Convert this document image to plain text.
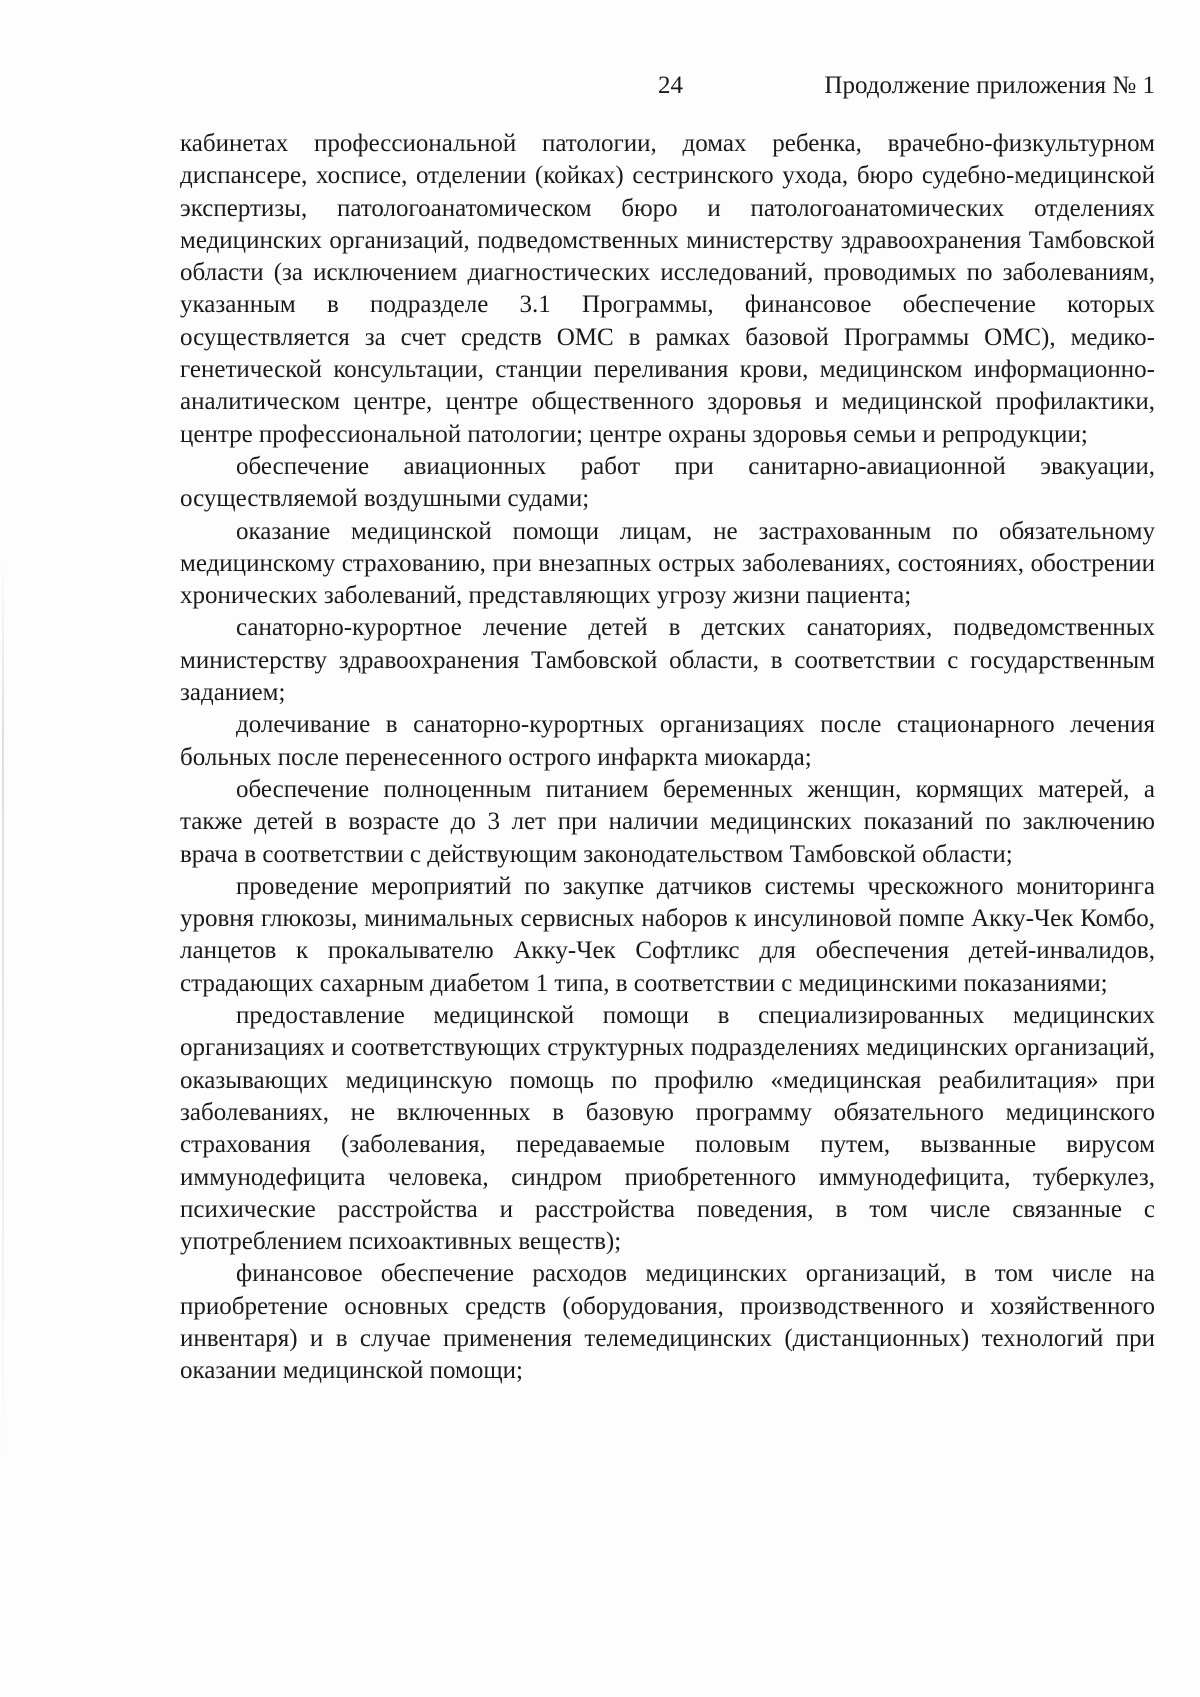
24	Продолжение приложения № 1

кабинетах профессиональной патологии, домах ребенка, врачебно-физкультурном диспансере, хосписе, отделении (койках) сестринского ухода, бюро судебно-медицинской экспертизы, патологоанатомическом бюро и патологоанатомических отделениях медицинских организаций, подведомственных министерству здравоохранения Тамбовской области (за исключением диагностических исследований, проводимых по заболеваниям, указанным в подразделе 3.1 Программы, финансовое обеспечение которых осуществляется за счет средств ОМС в рамках базовой Программы ОМС), медико-генетической консультации, станции переливания крови, медицинском информационно-аналитическом центре, центре общественного здоровья и медицинской профилактики, центре профессиональной патологии; центре охраны здоровья семьи и репродукции;

обеспечение авиационных работ при санитарно-авиационной эвакуации, осуществляемой воздушными судами;

оказание медицинской помощи лицам, не застрахованным по обязательному медицинскому страхованию, при внезапных острых заболеваниях, состояниях, обострении хронических заболеваний, представляющих угрозу жизни пациента;

санаторно-курортное лечение детей в детских санаториях, подведомственных министерству здравоохранения Тамбовской области, в соответствии с государственным заданием;

долечивание в санаторно-курортных организациях после стационарного лечения больных после перенесенного острого инфаркта миокарда;

обеспечение полноценным питанием беременных женщин, кормящих матерей, а также детей в возрасте до 3 лет при наличии медицинских показаний по заключению врача в соответствии с действующим законодательством Тамбовской области;

проведение мероприятий по закупке датчиков системы чрескожного мониторинга уровня глюкозы, минимальных сервисных наборов к инсулиновой помпе Акку-Чек Комбо, ланцетов к прокалывателю Акку-Чек Софтликс для обеспечения детей-инвалидов, страдающих сахарным диабетом 1 типа, в соответствии с медицинскими показаниями;

предоставление медицинской помощи в специализированных медицинских организациях и соответствующих структурных подразделениях медицинских организаций, оказывающих медицинскую помощь по профилю «медицинская реабилитация» при заболеваниях, не включенных в базовую программу обязательного медицинского страхования (заболевания, передаваемые половым путем, вызванные вирусом иммунодефицита человека, синдром приобретенного иммунодефицита, туберкулез, психические расстройства и расстройства поведения, в том числе связанные с употреблением психоактивных веществ);

финансовое обеспечение расходов медицинских организаций, в том числе на приобретение основных средств (оборудования, производственного и хозяйственного инвентаря) и в случае применения телемедицинских (дистанционных) технологий при оказании медицинской помощи;
